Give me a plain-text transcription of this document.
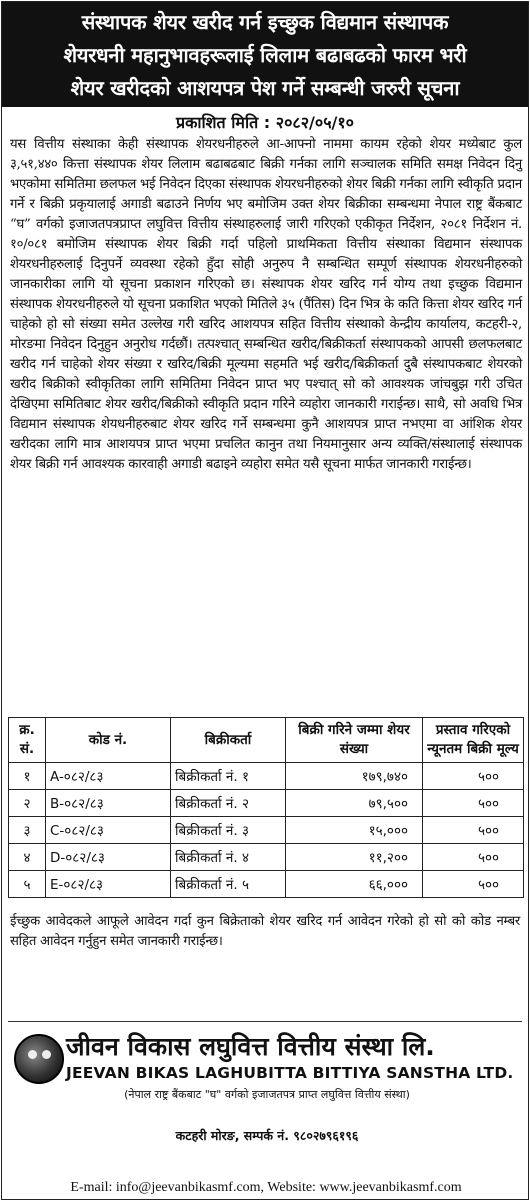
संस्थापक शेयर खरीद गर्न इच्छुक विद्यमान संस्थापक
शेयरधनी महानुभावहरूलाई लिलाम बढाबढको फारम भरी
शेयर खरीदको आशयपत्र पेश गर्ने सम्बन्धी जरुरी सूचना
प्रकाशित मिति : २०८२/०५/१०
यस वित्तीय संस्थाका केही संस्थापक शेयरधनीहरुले आ-आफ्नो नाममा कायम रहेको शेयर मध्येबाट कुल ३,५१,४४० कित्ता संस्थापक शेयर लिलाम बढाबढबाट बिक्री गर्नका लागि सञ्चालक समिति समक्ष निवेदन दिनु भएकोमा समितिमा छलफल भई निवेदन दिएका संस्थापक शेयरधनीहरुको शेयर बिक्री गर्नका लागि स्वीकृति प्रदान गर्ने र बिक्री प्रकृयालाई अगाडी बढाउने निर्णय भए बमोजिम उक्त शेयर बिक्रीका सम्बन्धमा नेपाल राष्ट्र बैंकबाट “घ” वर्गको इजाजतपत्रप्राप्त लघुवित्त वित्तीय संस्थाहरुलाई जारी गरिएको एकीकृत निर्देशन, २०८१ निर्देशन नं. १०/०८१ बमोजिम संस्थापक शेयर बिक्री गर्दा पहिलो प्राथमिकता वित्तीय संस्थाका विद्यमान संस्थापक शेयरधनीहरुलाई दिनुपर्ने व्यवस्था रहेको हुँदा सोही अनुरुप नै सम्बन्धित सम्पूर्ण संस्थापक शेयरधनीहरुको जानकारीका लागि यो सूचना प्रकाशन गरिएको छ। संस्थापक शेयर खरिद गर्न योग्य तथा इच्छुक विद्यमान संस्थापक शेयरधनीहरुले यो सूचना प्रकाशित भएको मितिले ३५ (पैंतिस) दिन भित्र के कति कित्ता शेयर खरिद गर्न चाहेको हो सो संख्या समेत उल्लेख गरी खरिद आशयपत्र सहित वित्तीय संस्थाको केन्द्रीय कार्यालय, कटहरी-२, मोरङमा निवेदन दिनुहुन अनुरोध गर्दछौं। तत्पश्चात् सम्बन्धित खरीद/बिक्रीकर्ता संस्थापकको आपसी छलफलबाट खरीद गर्न चाहेको शेयर संख्या र खरिद/बिक्री मूल्यमा सहमति भई खरीद/बिक्रीकर्ता दुबै संस्थापकबाट शेयरको खरीद बिक्रीको स्वीकृतिका लागि समितिमा निवेदन प्राप्त भए पश्चात् सो को आवश्यक जांचबुझ गरी उचित देखिएमा समितिबाट शेयर खरीद/बिक्रीको स्वीकृति प्रदान गरिने व्यहोरा जानकारी गराईन्छ। साथै, सो अवधि भित्र विद्यमान संस्थापक शेयधनीहरुबाट शेयर खरिद गर्ने सम्बन्धमा कुनै आशयपत्र प्राप्त नभएमा वा आंशिक शेयर खरीदका लागि मात्र आशयपत्र प्राप्त भएमा प्रचलित कानुन तथा नियमानुसार अन्य व्यक्ति/संस्थालाई संस्थापक शेयर बिक्री गर्न आवश्यक कारवाही अगाडी बढाइने व्यहोरा समेत यसै सूचना मार्फत जानकारी गराईन्छ।
क्र. सं.	कोड नं.	बिक्रीकर्ता	बिक्री गरिने जम्मा शेयर संख्या	प्रस्ताव गरिएको न्यूनतम बिक्री मूल्य
१	A-०८२/८३	बिक्रीकर्ता नं. १	१७९,७४०	५००
२	B-०८२/८३	बिक्रीकर्ता नं. २	७९,५००	५००
३	C-०८२/८३	बिक्रीकर्ता नं. ३	१५,०००	५००
४	D-०८२/८३	बिक्रीकर्ता नं. ४	११,२००	५००
५	E-०८२/८३	बिक्रीकर्ता नं. ५	६६,०००	५००
ईच्छुक आवेदकले आफूले आवेदन गर्दा कुन बिक्रेताको शेयर खरिद गर्न आवेदन गरेको हो सो को कोड नम्बर सहित आवेदन गर्नुहुन समेत जानकारी गराईन्छ।
जीवन विकास लघुवित्त वित्तीय संस्था लि.
JEEVAN BIKAS LAGHUBITTA BITTIYA SANSTHA LTD.
(नेपाल राष्ट्र बैंकबाट "घ" वर्गको इजाजतपत्र प्राप्त लघुवित्त वित्तीय संस्था)
कटहरी मोरङ, सम्पर्क नं. ९८०२७९६१९६
E-mail: info@jeevanbikasmf.com, Website: www.jeevanbikasmf.com
